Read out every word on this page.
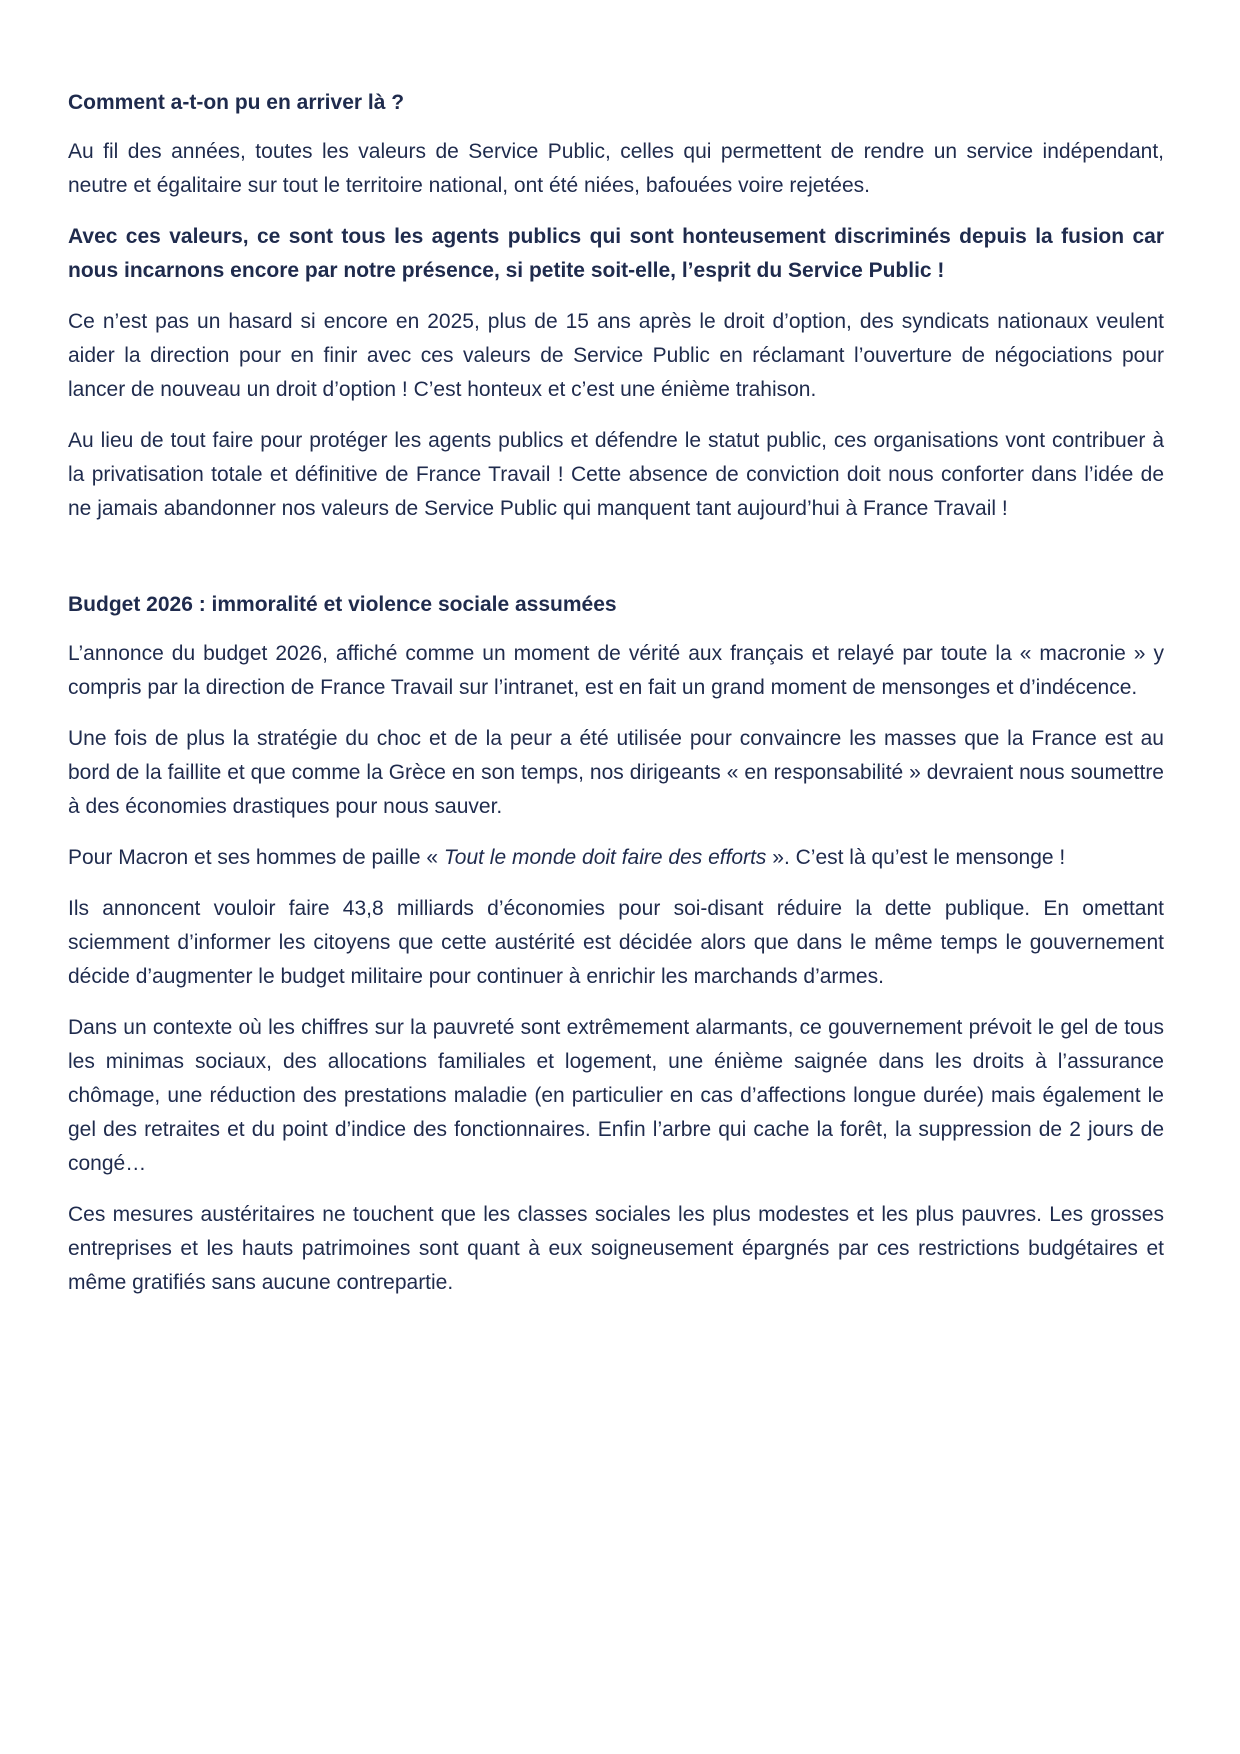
Comment a-t-on pu en arriver là ?

Au fil des années, toutes les valeurs de Service Public, celles qui permettent de rendre un service indépendant, neutre et égalitaire sur tout le territoire national, ont été niées, bafouées voire rejetées.

Avec ces valeurs, ce sont tous les agents publics qui sont honteusement discriminés depuis la fusion car nous incarnons encore par notre présence, si petite soit-elle, l’esprit du Service Public !

Ce n’est pas un hasard si encore en 2025, plus de 15 ans après le droit d’option, des syndicats nationaux veulent aider la direction pour en finir avec ces valeurs de Service Public en réclamant l’ouverture de négociations pour lancer de nouveau un droit d’option ! C’est honteux et c’est une énième trahison.

Au lieu de tout faire pour protéger les agents publics et défendre le statut public, ces organisations vont contribuer à la privatisation totale et définitive de France Travail ! Cette absence de conviction doit nous conforter dans l’idée de ne jamais abandonner nos valeurs de Service Public qui manquent tant aujourd’hui à France Travail !

Budget 2026 : immoralité et violence sociale assumées

L’annonce du budget 2026, affiché comme un moment de vérité aux français et relayé par toute la « macronie » y compris par la direction de France Travail sur l’intranet, est en fait un grand moment de mensonges et d’indécence.

Une fois de plus la stratégie du choc et de la peur a été utilisée pour convaincre les masses que la France est au bord de la faillite et que comme la Grèce en son temps, nos dirigeants « en responsabilité » devraient nous soumettre à des économies drastiques pour nous sauver.

Pour Macron et ses hommes de paille « Tout le monde doit faire des efforts ». C’est là qu’est le mensonge !

Ils annoncent vouloir faire 43,8 milliards d’économies pour soi-disant réduire la dette publique. En omettant sciemment d’informer les citoyens que cette austérité est décidée alors que dans le même temps le gouvernement décide d’augmenter le budget militaire pour continuer à enrichir les marchands d’armes.

Dans un contexte où les chiffres sur la pauvreté sont extrêmement alarmants, ce gouvernement prévoit le gel de tous les minimas sociaux, des allocations familiales et logement, une énième saignée dans les droits à l’assurance chômage, une réduction des prestations maladie (en particulier en cas d’affections longue durée) mais également le gel des retraites et du point d’indice des fonctionnaires. Enfin l’arbre qui cache la forêt, la suppression de 2 jours de congé…

Ces mesures austéritaires ne touchent que les classes sociales les plus modestes et les plus pauvres. Les grosses entreprises et les hauts patrimoines sont quant à eux soigneusement épargnés par ces restrictions budgétaires et même gratifiés sans aucune contrepartie.
